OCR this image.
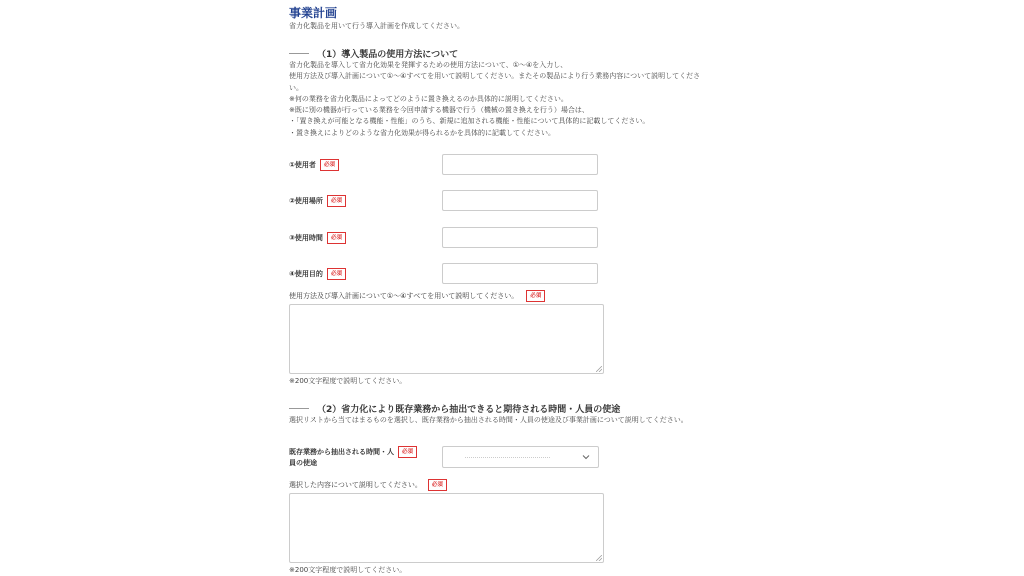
事業計画
省力化製品を用いて行う導入計画を作成してください。
（1）導入製品の使用方法について
省力化製品を導入して省力化効果を発揮するための使用方法について、①〜④を入力し、
使用方法及び導入計画について①〜④すべてを用いて説明してください。またその製品により行う業務内容について説明してくださ
い。
※何の業務を省力化製品によってどのように置き換えるのか具体的に説明してください。
※既に別の機器が行っている業務を今回申請する機器で行う（機械の置き換えを行う）場合は、
・「置き換えが可能となる機能・性能」のうち、新規に追加される機能・性能について具体的に記載してください。
・置き換えによりどのような省力化効果が得られるかを具体的に記載してください。
①使用者	必須
②使用場所	必須
③使用時間	必須
④使用目的	必須
使用方法及び導入計画について①〜④すべてを用いて説明してください。	必須
※200文字程度で説明してください。
（2）省力化により既存業務から抽出できると期待される時間・人員の使途
選択リストから当てはまるものを選択し、既存業務から抽出される時間・人員の使途及び事業計画について説明してください。
既存業務から抽出される時間・人	必須
員の使途
選択した内容について説明してください。	必須
※200文字程度で説明してください。
